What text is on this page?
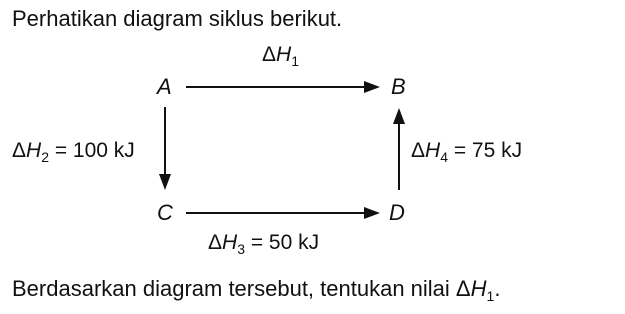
Perhatikan diagram siklus berikut.
$\Delta H_1$
A	B
C	D
$\Delta H_2 = 100$ kJ	$\Delta H_4 = 75$ kJ
$\Delta H_3 = 50$ kJ
Berdasarkan diagram tersebut, tentukan nilai $\Delta H_1$.
